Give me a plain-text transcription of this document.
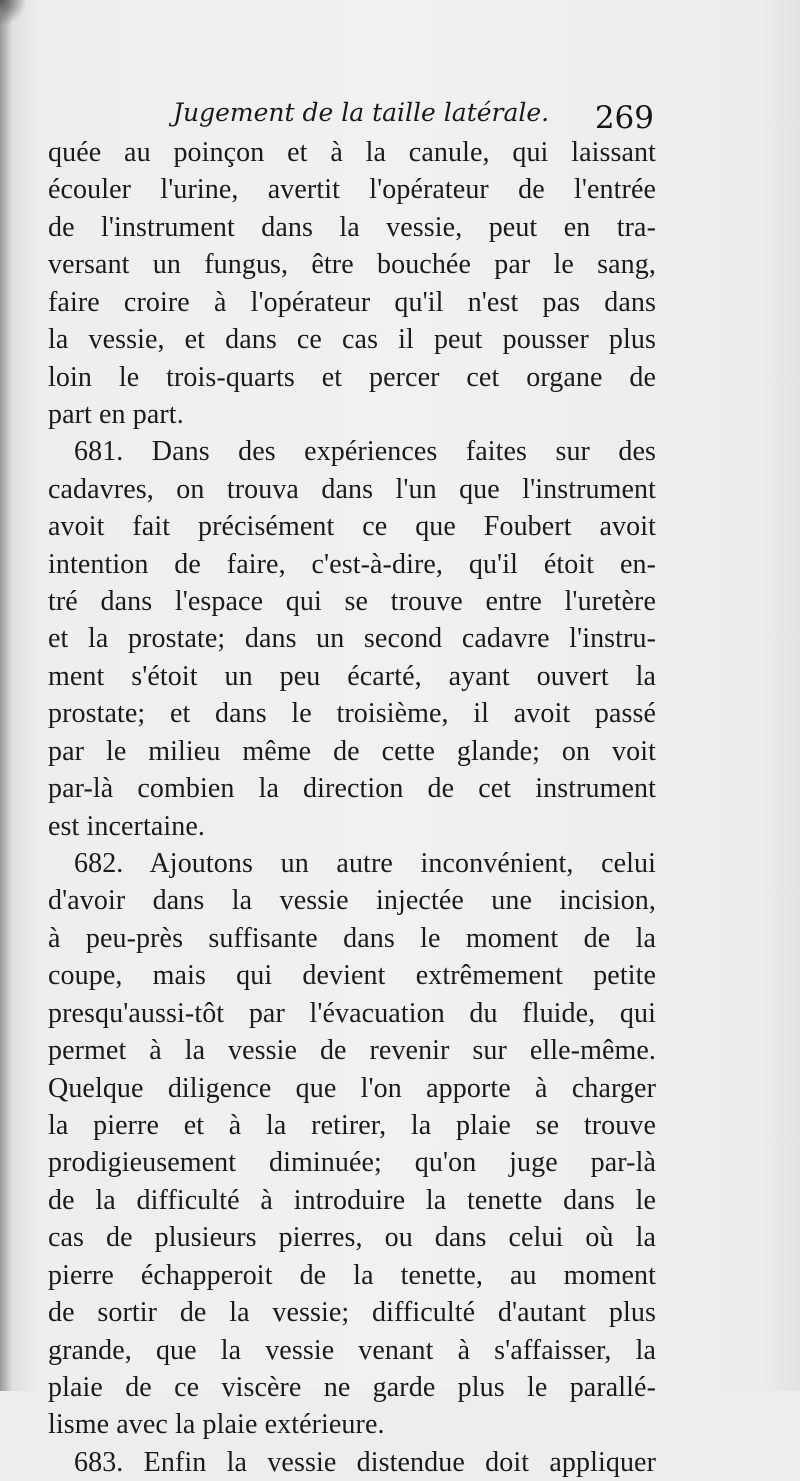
Jugement de la taille latérale. 269
quée au poinçon et à la canule, qui laissant
écouler l'urine, avertit l'opérateur de l'entrée
de l'instrument dans la vessie, peut en tra-
versant un fungus, être bouchée par le sang,
faire croire à l'opérateur qu'il n'est pas dans
la vessie, et dans ce cas il peut pousser plus
loin le trois-quarts et percer cet organe de
part en part.
681. Dans des expériences faites sur des
cadavres, on trouva dans l'un que l'instrument
avoit fait précisément ce que Foubert avoit
intention de faire, c'est-à-dire, qu'il étoit en-
tré dans l'espace qui se trouve entre l'uretère
et la prostate; dans un second cadavre l'instru-
ment s'étoit un peu écarté, ayant ouvert la
prostate; et dans le troisième, il avoit passé
par le milieu même de cette glande; on voit
par-là combien la direction de cet instrument
est incertaine.
682. Ajoutons un autre inconvénient, celui
d'avoir dans la vessie injectée une incision,
à peu-près suffisante dans le moment de la
coupe, mais qui devient extrêmement petite
presqu'aussi-tôt par l'évacuation du fluide, qui
permet à la vessie de revenir sur elle-même.
Quelque diligence que l'on apporte à charger
la pierre et à la retirer, la plaie se trouve
prodigieusement diminuée; qu'on juge par-là
de la difficulté à introduire la tenette dans le
cas de plusieurs pierres, ou dans celui où la
pierre échapperoit de la tenette, au moment
de sortir de la vessie; difficulté d'autant plus
grande, que la vessie venant à s'affaisser, la
plaie de ce viscère ne garde plus le parallé-
lisme avec la plaie extérieure.
683. Enfin la vessie distendue doit appliquer
